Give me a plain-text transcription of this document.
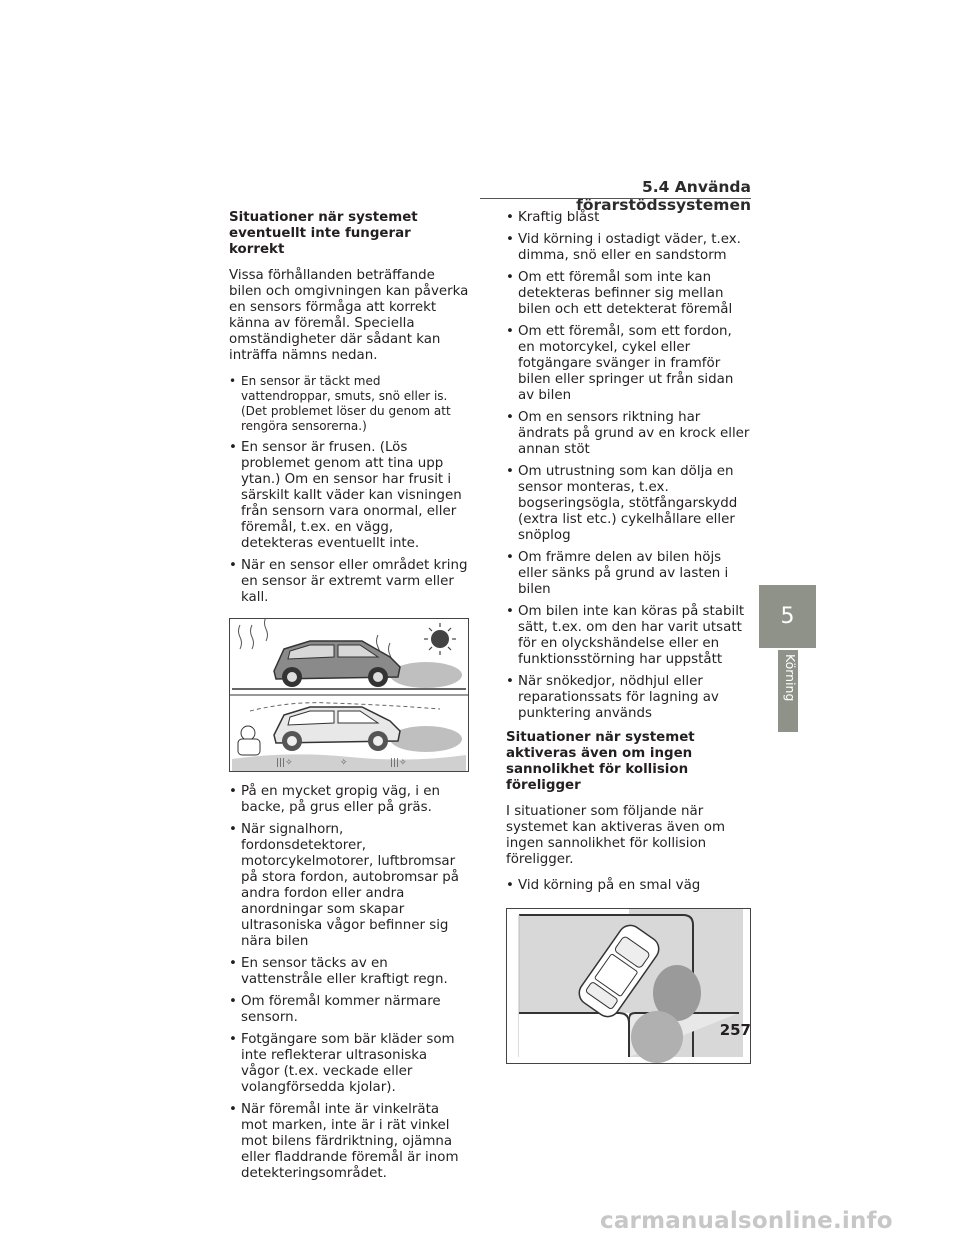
5.4 Använda förarstödssystemen
Situationer när systemet eventuellt inte fungerar korrekt
Vissa förhållanden beträffande bilen och omgivningen kan påverka en sensors förmåga att korrekt känna av föremål. Speciella omständigheter där sådant kan inträffa nämns nedan.
• En sensor är täckt med vattendroppar, smuts, snö eller is. (Det problemet löser du genom att rengöra sensorerna.)
• En sensor är frusen. (Lös problemet genom att tina upp ytan.) Om en sensor har frusit i särskilt kallt väder kan visningen från sensorn vara onormal, eller föremål, t.ex. en vägg, detekteras eventuellt inte.
• När en sensor eller området kring en sensor är extremt varm eller kall.
|||✧	✧	|||✧
• På en mycket gropig väg, i en backe, på grus eller på gräs.
• När signalhorn, fordonsdetektorer, motorcykelmotorer, luftbromsar på stora fordon, autobromsar på andra fordon eller andra anordningar som skapar ultrasoniska vågor befinner sig nära bilen
• En sensor täcks av en vattenstråle eller kraftigt regn.
• Om föremål kommer närmare sensorn.
• Fotgängare som bär kläder som inte reflekterar ultrasoniska vågor (t.ex. veckade eller volangförsedda kjolar).
• När föremål inte är vinkelräta mot marken, inte är i rät vinkel mot bilens färdriktning, ojämna eller fladdrande föremål är inom detekteringsområdet.
• Kraftig blåst
• Vid körning i ostadigt väder, t.ex. dimma, snö eller en sandstorm
• Om ett föremål som inte kan detekteras befinner sig mellan bilen och ett detekterat föremål
• Om ett föremål, som ett fordon, en motorcykel, cykel eller fotgängare svänger in framför bilen eller springer ut från sidan av bilen
• Om en sensors riktning har ändrats på grund av en krock eller annan stöt
• Om utrustning som kan dölja en sensor monteras, t.ex. bogseringsögla, stötfångarskydd (extra list etc.) cykelhållare eller snöplog
• Om främre delen av bilen höjs eller sänks på grund av lasten i bilen
• Om bilen inte kan köras på stabilt sätt, t.ex. om den har varit utsatt för en olyckshändelse eller en funktionsstörning har uppstått
• När snökedjor, nödhjul eller reparationssats för lagning av punktering används
Situationer när systemet aktiveras även om ingen sannolikhet för kollision föreligger
I situationer som följande när systemet kan aktiveras även om ingen sannolikhet för kollision föreligger.
• Vid körning på en smal väg
5
Körning
257
carmanualsonline.info
